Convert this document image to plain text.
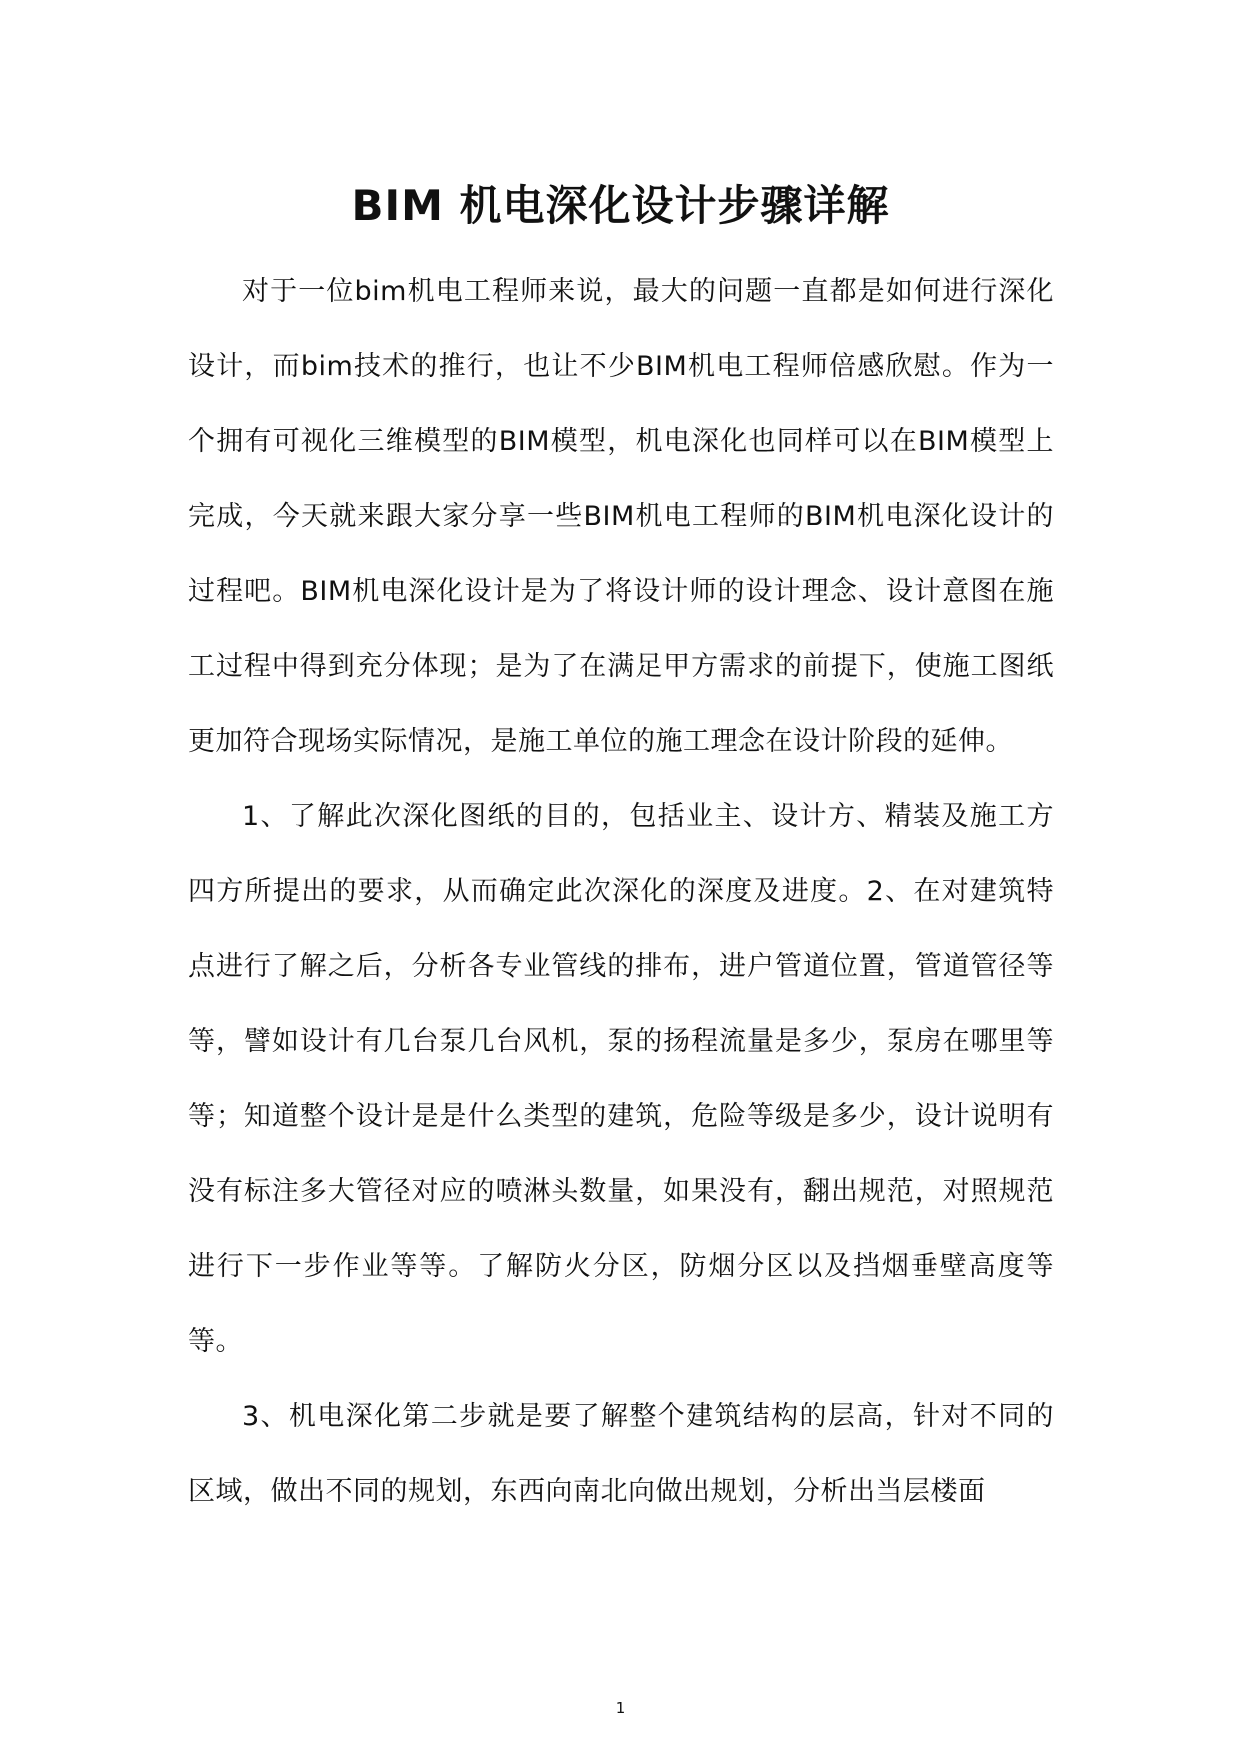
BIM 机电深化设计步骤详解

对于一位bim机电工程师来说，最大的问题一直都是如何进行深化设计，而bim技术的推行，也让不少BIM机电工程师倍感欣慰。作为一个拥有可视化三维模型的BIM模型，机电深化也同样可以在BIM模型上完成，今天就来跟大家分享一些BIM机电工程师的BIM机电深化设计的过程吧。BIM机电深化设计是为了将设计师的设计理念、设计意图在施工过程中得到充分体现；是为了在满足甲方需求的前提下，使施工图纸更加符合现场实际情况，是施工单位的施工理念在设计阶段的延伸。

1、了解此次深化图纸的目的，包括业主、设计方、精装及施工方四方所提出的要求，从而确定此次深化的深度及进度。2、在对建筑特点进行了解之后，分析各专业管线的排布，进户管道位置，管道管径等等，譬如设计有几台泵几台风机，泵的扬程流量是多少，泵房在哪里等等；知道整个设计是是什么类型的建筑，危险等级是多少，设计说明有没有标注多大管径对应的喷淋头数量，如果没有，翻出规范，对照规范进行下一步作业等等。了解防火分区，防烟分区以及挡烟垂壁高度等等。

3、机电深化第二步就是要了解整个建筑结构的层高，针对不同的区域，做出不同的规划，东西向南北向做出规划，分析出当层楼面

1
